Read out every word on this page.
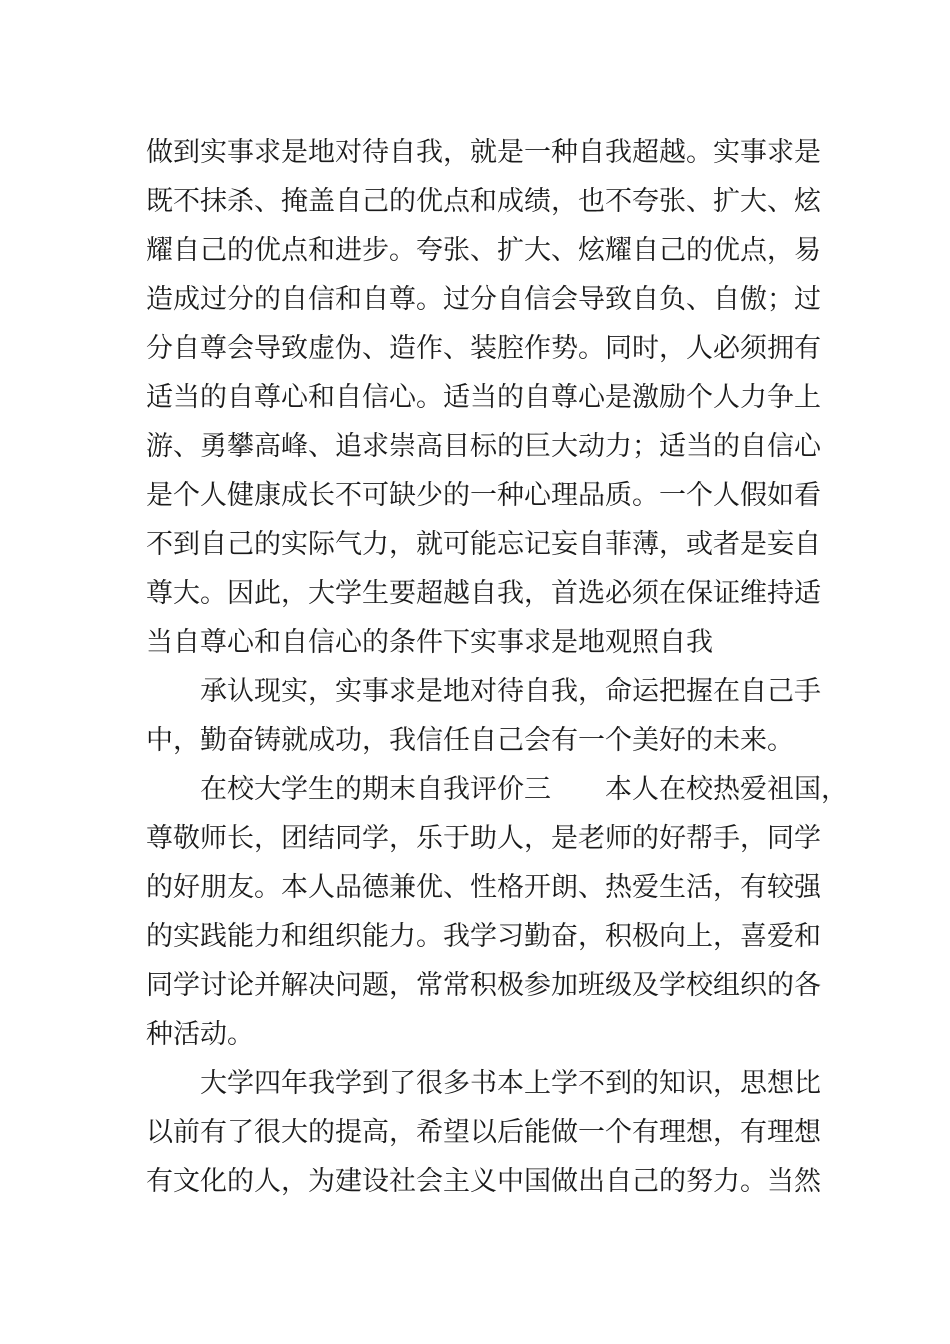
做到实事求是地对待自我，就是一种自我超越。实事求是
既不抹杀、掩盖自己的优点和成绩，也不夸张、扩大、炫
耀自己的优点和进步。夸张、扩大、炫耀自己的优点，易
造成过分的自信和自尊。过分自信会导致自负、自傲；过
分自尊会导致虚伪、造作、装腔作势。同时，人必须拥有
适当的自尊心和自信心。适当的自尊心是激励个人力争上
游、勇攀高峰、追求崇高目标的巨大动力；适当的自信心
是个人健康成长不可缺少的一种心理品质。一个人假如看
不到自己的实际气力，就可能忘记妄自菲薄，或者是妄自
尊大。因此，大学生要超越自我，首选必须在保证维持适
当自尊心和自信心的条件下实事求是地观照自我
承认现实，实事求是地对待自我，命运把握在自己手
中，勤奋铸就成功，我信任自己会有一个美好的未来。
在校大学生的期末自我评价三　　本人在校热爱祖国，
尊敬师长，团结同学，乐于助人，是老师的好帮手，同学
的好朋友。本人品德兼优、性格开朗、热爱生活，有较强
的实践能力和组织能力。我学习勤奋，积极向上，喜爱和
同学讨论并解决问题，常常积极参加班级及学校组织的各
种活动。
大学四年我学到了很多书本上学不到的知识，思想比
以前有了很大的提高，希望以后能做一个有理想，有理想
有文化的人，为建设社会主义中国做出自己的努力。当然
